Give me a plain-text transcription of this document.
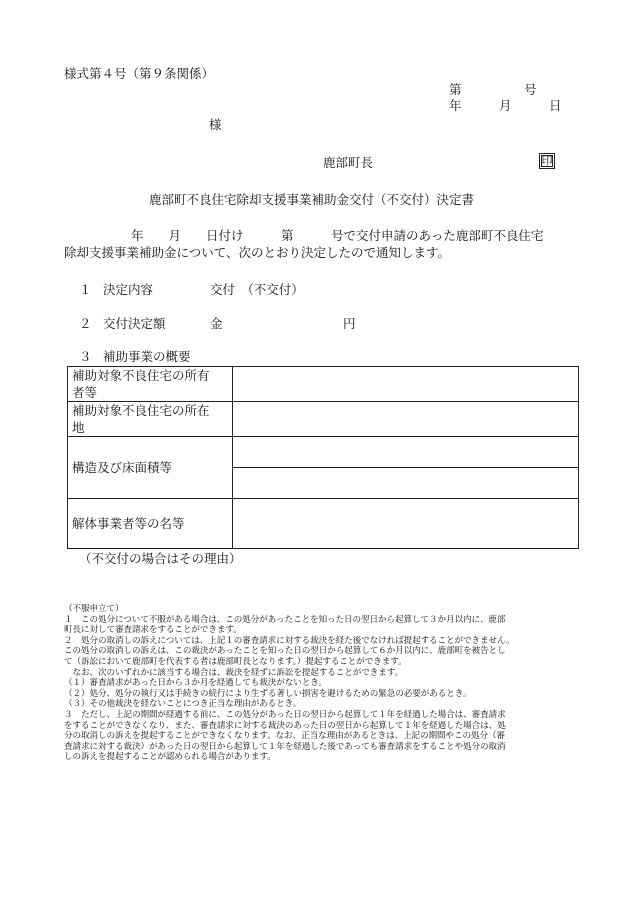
様式第４号（第９条関係）
第　　　　　号
年　　　月　　　日
様
鹿部町長	印
鹿部町不良住宅除却支援事業補助金交付（不交付）決定書
年　　月　　日付け　　　第　　　号で交付申請のあった鹿部町不良住宅
除却支援事業補助金について、次のとおり決定したので通知します。
１ 決定内容	交付　（不交付）
２ 交付決定額	金	円
３ 補助事業の概要
補助対象不良住宅の所有
者等
補助対象不良住宅の所在
地
構造及び床面積等
解体事業者等の名等
（不交付の場合はその理由）
（不服申立て）
１　この処分について不服がある場合は、この処分があったことを知った日の翌日から起算して３か月以内に、鹿部
町長に対して審査請求をすることができます。
２　処分の取消しの訴えについては、上記１の審査請求に対する裁決を経た後でなければ提起することができません。
この処分の取消しの訴えは、この裁決があったことを知った日の翌日から起算して６か月以内に、鹿部町を被告とし
て（訴訟において鹿部町を代表する者は鹿部町長となります。）提起することができます。
　なお、次のいずれかに該当する場合は、裁決を経ずに訴訟を提起することができます。
（１）審査請求があった日から３か月を経過しても裁決がないとき。
（２）処分、処分の執行又は手続きの続行により生ずる著しい損害を避けるための緊急の必要があるとき。
（３）その他裁決を経ないことにつき正当な理由があるとき。
３　ただし、上記の期間が経過する前に、この処分があった日の翌日から起算して１年を経過した場合は、審査請求
をすることができなくなり、また、審査請求に対する裁決のあった日の翌日から起算して１年を経過した場合は、処
分の取消しの訴えを提起することができなくなります。なお、正当な理由があるときは、上記の期間やこの処分（審
査請求に対する裁決）があった日の翌日から起算して１年を経過した後であっても審査請求をすることや処分の取消
しの訴えを提起することが認められる場合があります。
